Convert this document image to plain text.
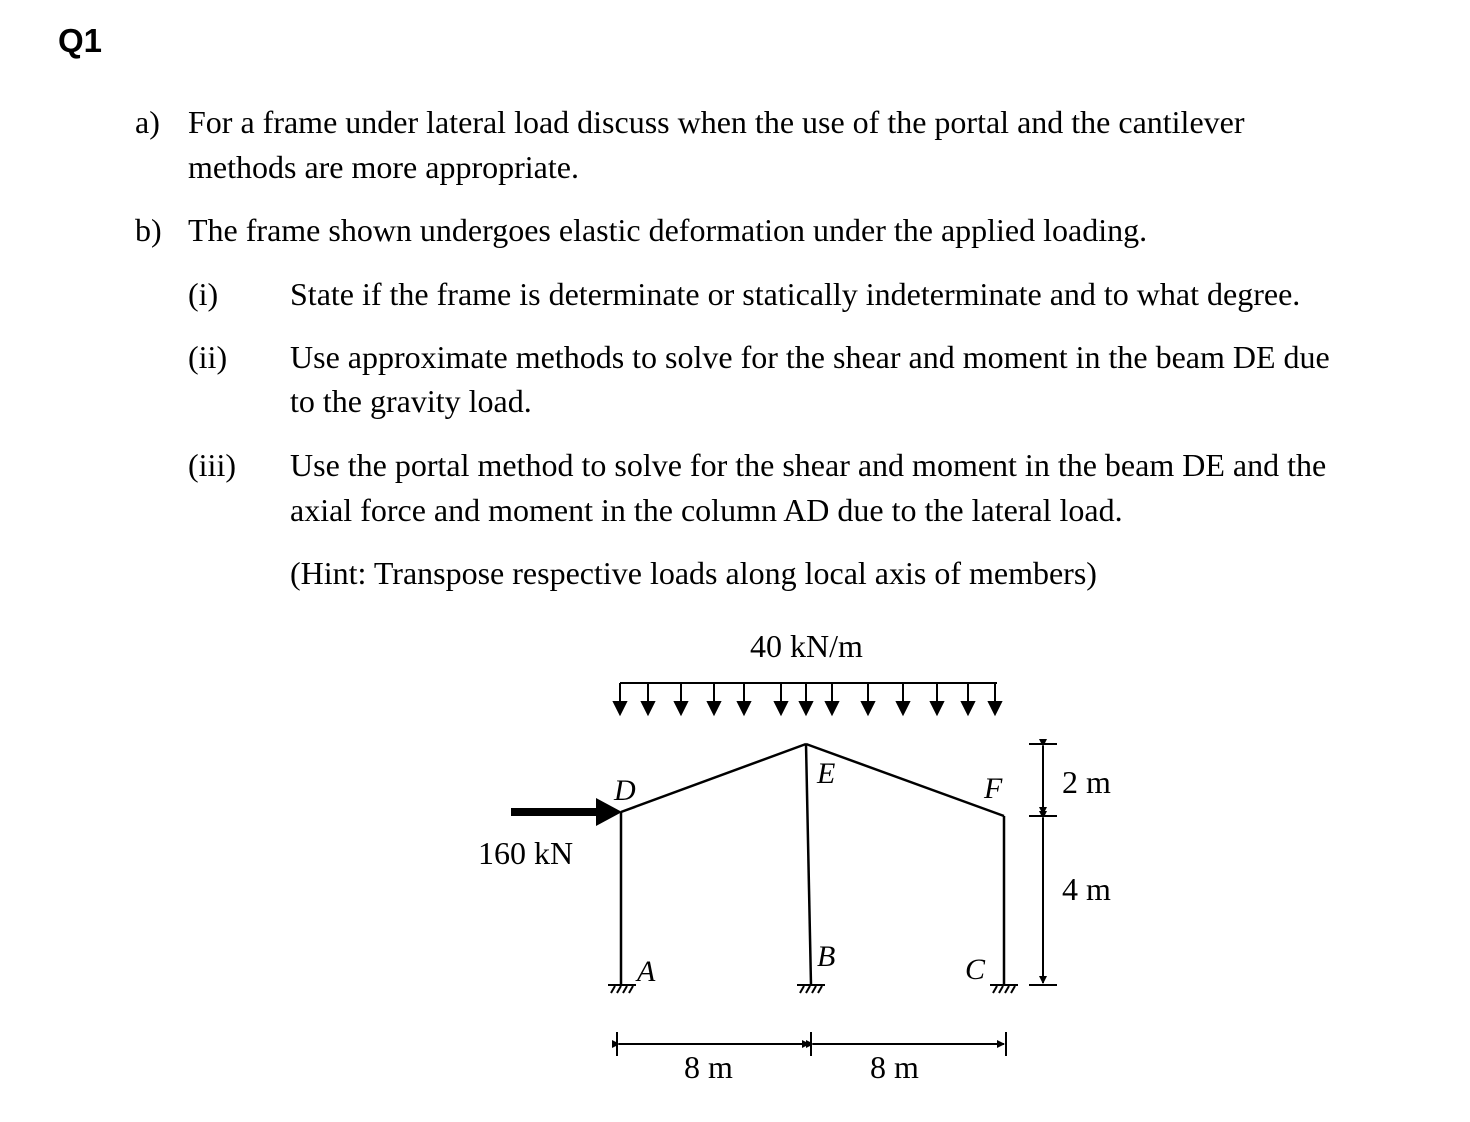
Q1
a) For a frame under lateral load discuss when the use of the portal and the cantilever
methods are more appropriate.
b) The frame shown undergoes elastic deformation under the applied loading.
(i) State if the frame is determinate or statically indeterminate and to what degree.
(ii) Use approximate methods to solve for the shear and moment in the beam DE due
to the gravity load.
(iii) Use the portal method to solve for the shear and moment in the beam DE and the
axial force and moment in the column AD due to the lateral load.
(Hint: Transpose respective loads along local axis of members)
40 kN/m
160 kN
D
E	F
A	B	C
2 m
4 m
8 m	8 m
